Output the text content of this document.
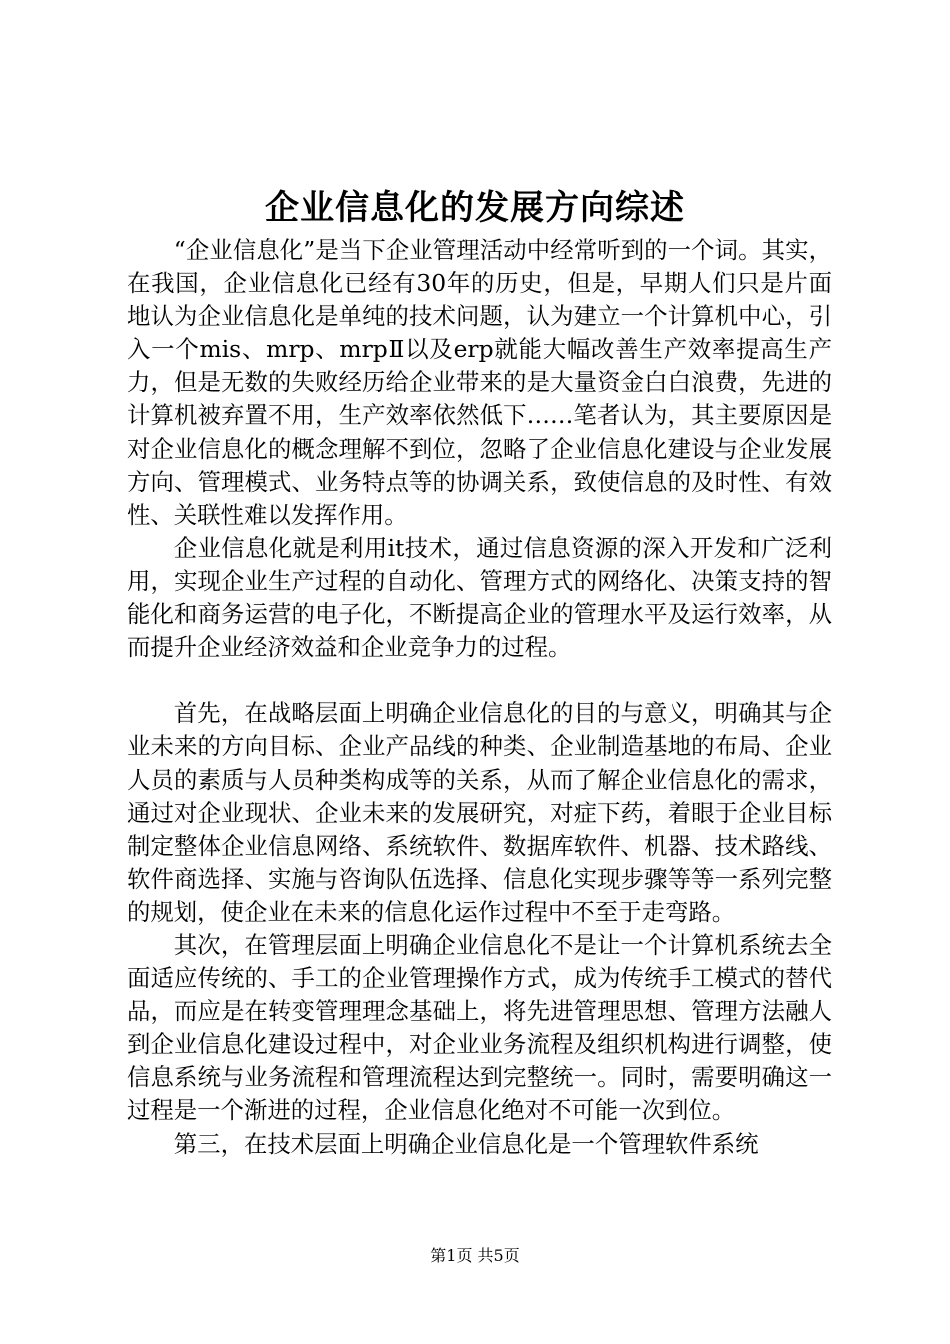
企业信息化的发展方向综述

“企业信息化”是当下企业管理活动中经常听到的一个词。其实，在我国，企业信息化已经有30年的历史，但是，早期人们只是片面地认为企业信息化是单纯的技术问题，认为建立一个计算机中心，引入一个mis、mrp、mrpⅡ以及erp就能大幅改善生产效率提高生产力，但是无数的失败经历给企业带来的是大量资金白白浪费，先进的计算机被弃置不用，生产效率依然低下……笔者认为，其主要原因是对企业信息化的概念理解不到位，忽略了企业信息化建设与企业发展方向、管理模式、业务特点等的协调关系，致使信息的及时性、有效性、关联性难以发挥作用。

企业信息化就是利用it技术，通过信息资源的深入开发和广泛利用，实现企业生产过程的自动化、管理方式的网络化、决策支持的智能化和商务运营的电子化，不断提高企业的管理水平及运行效率，从而提升企业经济效益和企业竞争力的过程。

首先，在战略层面上明确企业信息化的目的与意义，明确其与企业未来的方向目标、企业产品线的种类、企业制造基地的布局、企业人员的素质与人员种类构成等的关系，从而了解企业信息化的需求，通过对企业现状、企业未来的发展研究，对症下药，着眼于企业目标制定整体企业信息网络、系统软件、数据库软件、机器、技术路线、软件商选择、实施与咨询队伍选择、信息化实现步骤等等一系列完整的规划，使企业在未来的信息化运作过程中不至于走弯路。

其次，在管理层面上明确企业信息化不是让一个计算机系统去全面适应传统的、手工的企业管理操作方式，成为传统手工模式的替代品，而应是在转变管理理念基础上，将先进管理思想、管理方法融人到企业信息化建设过程中，对企业业务流程及组织机构进行调整，使信息系统与业务流程和管理流程达到完整统一。同时，需要明确这一过程是一个渐进的过程，企业信息化绝对不可能一次到位。

第三，在技术层面上明确企业信息化是一个管理软件系统

第1页 共5页
